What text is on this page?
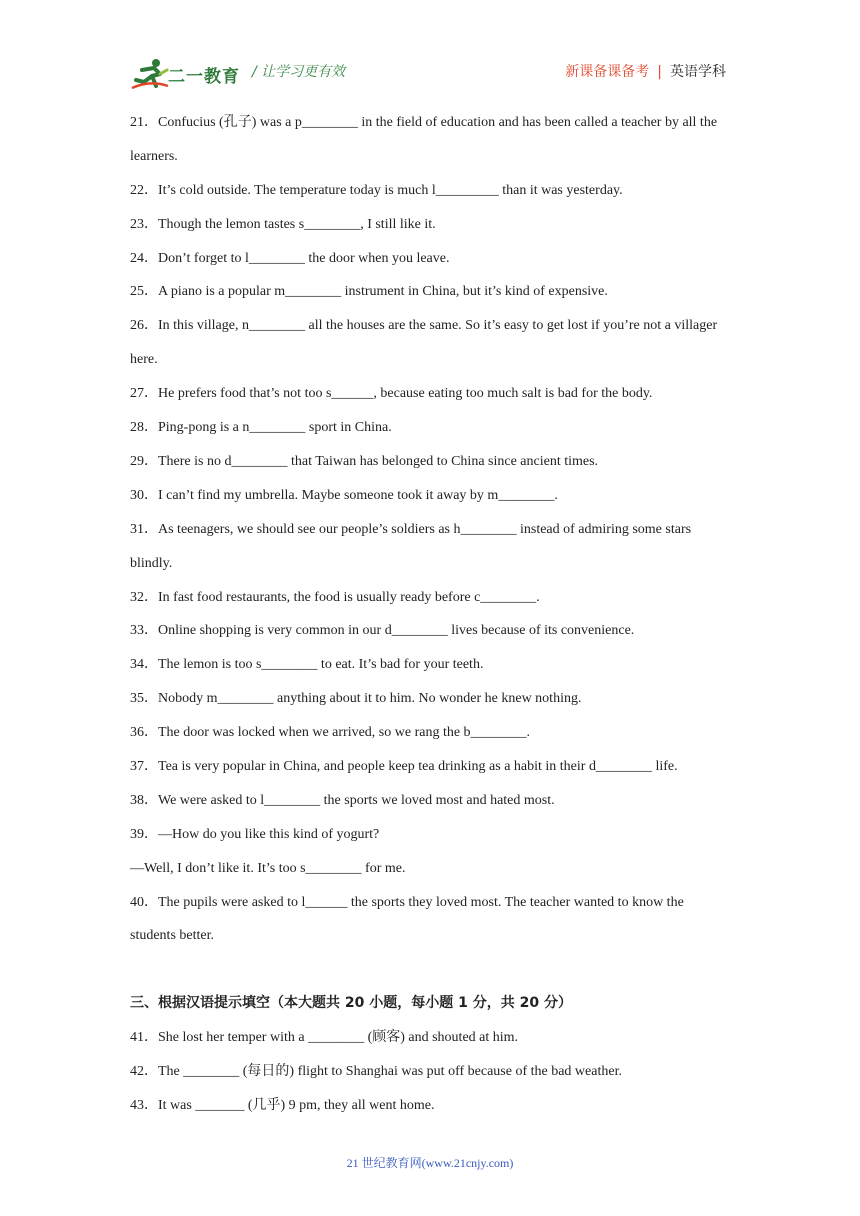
二一教育 / 让学习更有效	新课备课备考 | 英语学科
21．Confucius (孔子) was a p________ in the field of education and has been called a teacher by all the learners.
22．It’s cold outside. The temperature today is much l_________ than it was yesterday.
23．Though the lemon tastes s________, I still like it.
24．Don’t forget to l________ the door when you leave.
25．A piano is a popular m________ instrument in China, but it’s kind of expensive.
26．In this village, n________ all the houses are the same. So it’s easy to get lost if you’re not a villager here.
27．He prefers food that’s not too s______, because eating too much salt is bad for the body.
28．Ping-pong is a n________ sport in China.
29．There is no d________ that Taiwan has belonged to China since ancient times.
30．I can’t find my umbrella. Maybe someone took it away by m________.
31．As teenagers, we should see our people’s soldiers as h________ instead of admiring some stars blindly.
32．In fast food restaurants, the food is usually ready before c________.
33．Online shopping is very common in our d________ lives because of its convenience.
34．The lemon is too s________ to eat. It’s bad for your teeth.
35．Nobody m________ anything about it to him. No wonder he knew nothing.
36．The door was locked when we arrived, so we rang the b________.
37．Tea is very popular in China, and people keep tea drinking as a habit in their d________ life.
38．We were asked to l________ the sports we loved most and hated most.
39．—How do you like this kind of yogurt?
—Well, I don’t like it. It’s too s________ for me.
40．The pupils were asked to l______ the sports they loved most. The teacher wanted to know the students better.
三、根据汉语提示填空（本大题共 20 小题，每小题 1 分，共 20 分）
41．She lost her temper with a ________ (顾客) and shouted at him.
42．The ________ (每日的) flight to Shanghai was put off because of the bad weather.
43．It was _______ (几乎) 9 pm, they all went home.
21 世纪教育网(www.21cnjy.com)
